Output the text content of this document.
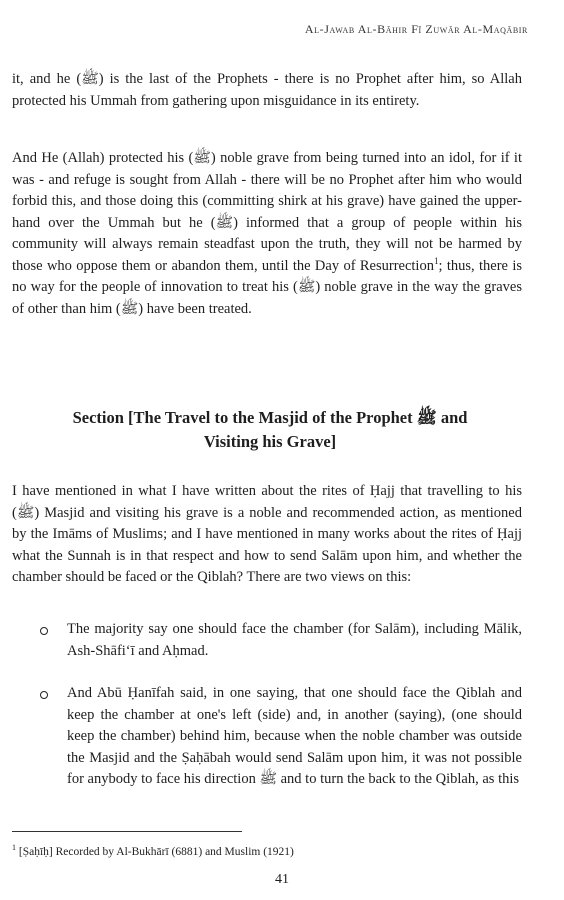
Al-Jawab Al-Bāhir Fī Zuwār Al-Maqābir

it, and he (ﷺ) is the last of the Prophets - there is no Prophet after him, so Allah protected his Ummah from gathering upon misguidance in its entirety.

And He (Allah) protected his (ﷺ) noble grave from being turned into an idol, for if it was - and refuge is sought from Allah - there will be no Prophet after him who would forbid this, and those doing this (committing shirk at his grave) have gained the upper-hand over the Ummah but he (ﷺ) informed that a group of people within his community will always remain steadfast upon the truth, they will not be harmed by those who oppose them or abandon them, until the Day of Resurrection$^1$; thus, there is no way for the people of innovation to treat his (ﷺ) noble grave in the way the graves of other than him (ﷺ) have been treated.

Section [The Travel to the Masjid of the Prophet ﷺ and
Visiting his Grave]

I have mentioned in what I have written about the rites of Ḥajj that travelling to his (ﷺ) Masjid and visiting his grave is a noble and recommended action, as mentioned by the Imāms of Muslims; and I have mentioned in many works about the rites of Ḥajj what the Sunnah is in that respect and how to send Salām upon him, and whether the chamber should be faced or the Qiblah? There are two views on this:

The majority say one should face the chamber (for Salām), including Mālik, Ash-Shāfi‘ī and Aḥmad.

And Abū Ḥanīfah said, in one saying, that one should face the Qiblah and keep the chamber at one's left (side) and, in another (saying), (one should keep the chamber) behind him, because when the noble chamber was outside the Masjid and the Ṣaḥābah would send Salām upon him, it was not possible for anybody to face his direction ﷺ and to turn the back to the Qiblah, as this

$^1$ [Ṣaḥīḥ] Recorded by Al-Bukhārī (6881) and Muslim (1921)
41
